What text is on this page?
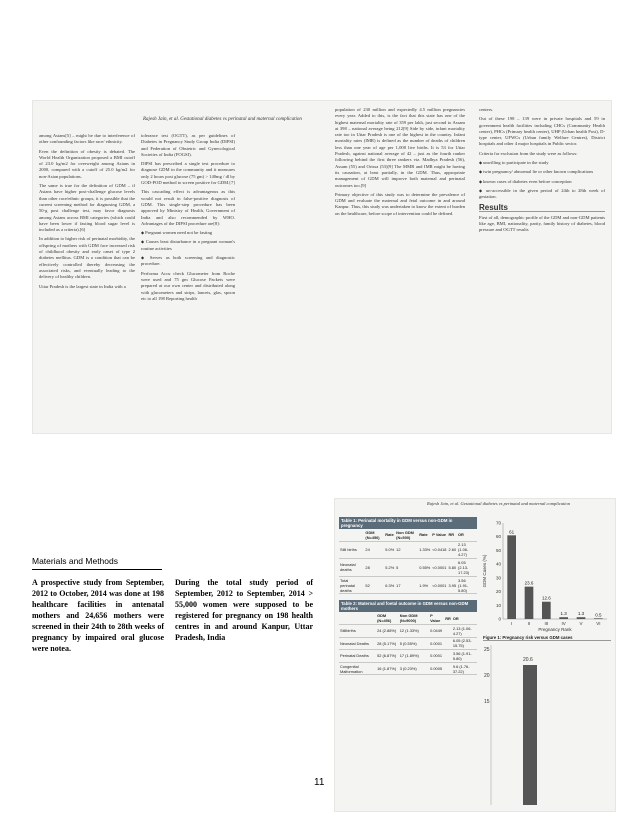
Rajesh Jain, et al. Gestational diabetes vs perinatal and maternal complication

among Asians[5] – might be due to interference of other confounding factors like race/ ethnicity.

Even the definition of obesity is debated. The World Health Organization proposed a BMI cutoff of 23.0 kg/m2 for overweight among Asians in 2000, compared with a cutoff of 25.0 kg/m2 for non-Asian populations.

The same is true for the definition of GDM – if Asians have higher post-challenge glucose levels than other race/ethnic groups, it is possible that the current screening method for diagnosing GDM, a 50-g post challenge test, may favor diagnosis among Asians across BMI categories (which could have been lower if fasting blood sugar level is included as a criteria).[6]

In addition to higher risk of perinatal morbidity, the offspring of mothers with GDM face increased risk of childhood obesity and early onset of type 2 diabetes mellitus. GDM is a condition that can be effectively controlled thereby decreasing the associated risks, and eventually leading to the delivery of healthy children.

Uttar Pradesh is the largest state in India with a

tolerance test (OGTT), as per guidelines of Diabetes in Pregnancy Study Group India (DIPSI) and Federation of Obstetric and Gynecological Societies of India (FOGSI).

DIPSI has prescribed a single test procedure to diagnose GDM in the community and it measures only 2 hours post glucose (75 gm) > 140mg / dl by GOD-POD method to screen positive for GDM.[7]

This cascading effect is advantageous as this would not result in false-positive diagnosis of GDM. This single-step procedure has been approved by Ministry of Health, Government of India and also recommended by WHO. Advantages of the DIPSI procedure are[8]:

◆ Pregnant women need not be fasting

◆ Causes least disturbance in a pregnant woman's routine activities

◆ Serves as both screening and diagnostic procedure.

Performa Accu check Glucometer from Roche were used and 75 gm Glucose Packets were prepared at our own center and distributed along with glucometers and strips, lancets, glas, spoon etc to all 198 Reporting health

population of 230 million and expectedly 4.5 million pregnancies every year. Added to this, is the fact that this state has one of the highest maternal mortality rate of 359 per lakh, just second to Assam at 398 – national average being 212[9] Side by side, infant mortality rate too in Uttar Pradesh is one of the highest in the country. Infant mortality rates (IMR) is defined as the number of deaths of children less than one year of age per 1,000 live births. It is 53 for Uttar Pradesh, against national average of 42 – just as the fourth ranker following behind the first three rankers viz. Madhya Pradesh (56), Assam (55) and Orissa (53)[9] The MMR and IMR might be having its causation, at least partially, in the GDM. Thus, appropriate management of GDM will improve both maternal and perinatal outcomes too.[9]

Primary objective of this study was to determine the prevalence of GDM and evaluate the maternal and fetal outcome in and around Kanpur. Thus, this study was undertaken to know the extent of burden on the healthcare, before scope of intervention could be defined.

centers.

Out of these 198 – 139 were in private hospitals and 59 in government health facilities including CHCs (Community Health center), PHCs (Primary health center), UHP (Urban health Post), D-type center, UFWCs (Urban family Welfare Centres), District hospitals and other 4 major hospitals in Public sector.

Criteria for exclusion from the study were as follows:

◆ unwilling to participate in the study

◆ twin pregnancy/ abnormal lie or other known complications

◆ known cases of diabetes even before conception

◆ un-accessible in the given period of 24th to 28th week of gestation.

Results

First of all, demographic profile of the GDM and non-GDM patients like age, BMI, nationality, parity, family history of diabetes, blood pressure and OGTT results

Rajesh Jain, et al. Gestational diabetes vs perinatal and maternal complication
Table 1: Perinatal mortality in GDM versus non-GDM in pregnancy
	GDM (N=456)	Rate	Non GDM (N=500)	Rate	P Value	RR	OR
Still births	24	5.0%	12	1.33%	<0.0418	2.60	2.13 (1.06-4.27)
Neonatal deaths	28	5.2%	5	0.55%	<0.0001	5.80	6.05 (2.13-17.23)
Total perinatal deaths	52	6.3%	17	1.9%	<0.0001	3.95	3.56 (1.91-5.80)
Table 2: Maternal and foetal outcome in GDM versus non-GDM mothers
	GDM (N=456)	Non GDM (N=9000)	P Value	RR	OR
Stillbirths	24 (2.88%)	12 (1.33%)	0.0449		2.13 (1.06-4.27)
Neonatal Deaths	28 (5.17%)	5 (0.55%)	0.0001		6.05 (2.53-15.75)
Perinatal Deaths	52 (6.87%)	17 (1.89%)	0.0001		3.56 (1.91-5.80)
Congenital Malformation	16 (1.87%)	3 (0.23%)	0.0005		9.6 (1.76-37.22)
70
60
50
40
30
20
10
0
GDM Cases (%)
61
I
23.6
II
12.6
III
1.3
IV
1.3
V
0.5
VI
Pregnancy Rank
Figure 1: Pregnancy risk versus GDM cases
25
20
15
20.6
Materials and Methods
A prospective study from September, 2012 to October, 2014 was done at 198 healthcare facilities in antenatal mothers and 24,656 mothers were screened in their 24th to 28th weeks of pregnancy by impaired oral glucose were notea.
During the total study period of September, 2012 to September, 2014 > 55,000 women were supposed to be registered for pregnancy on 198 health centres in and around Kanpur, Uttar Pradesh, India
11
